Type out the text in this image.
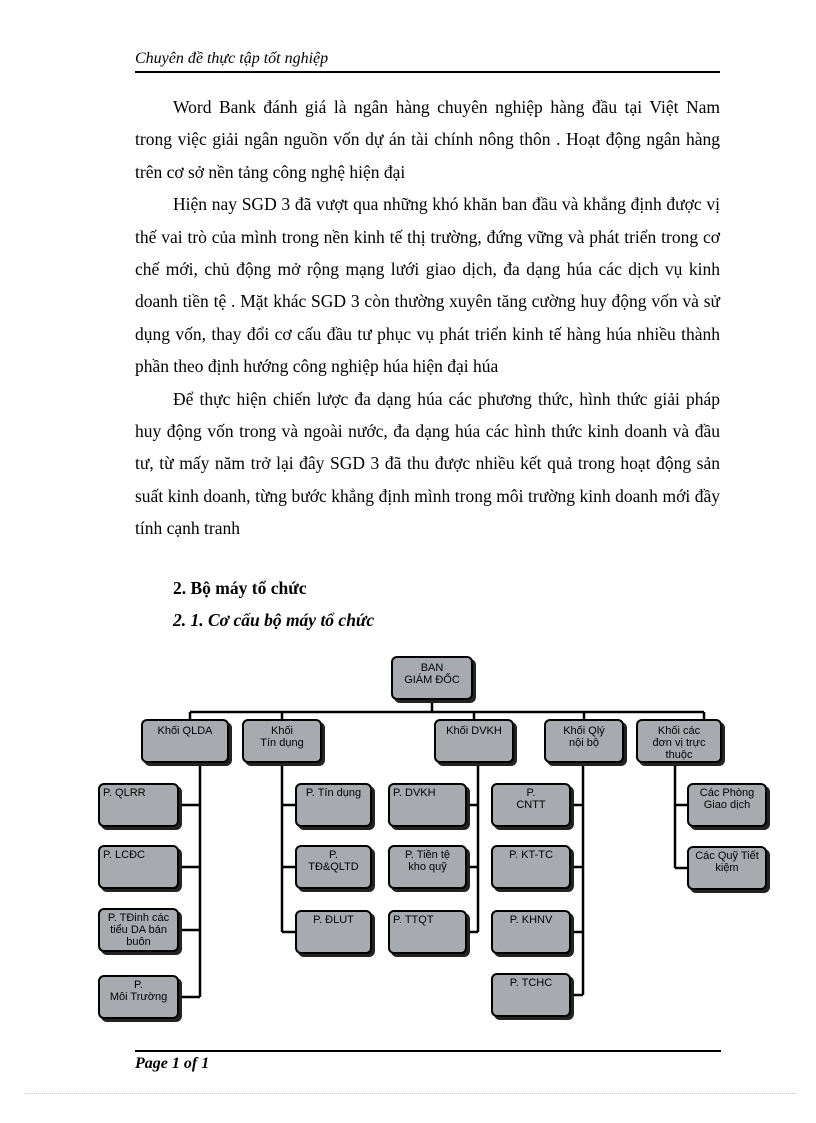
Chuyên đề thực tập tốt nghiệp

Word Bank đánh giá là ngân hàng chuyên nghiệp hàng đầu tại Việt Nam trong việc giải ngân nguồn vốn dự án tài chính nông thôn . Hoạt động ngân hàng trên cơ sở nền tảng công nghệ hiện đại

Hiện nay SGD 3 đã vượt qua những khó khăn ban đầu và khẳng định được vị thế vai trò của mình trong nền kinh tế thị trường, đứng vững và phát triển trong cơ chế mới, chủ động mở rộng mạng lưới giao dịch, đa dạng húa các dịch vụ kinh doanh tiền tệ . Mặt khác SGD 3 còn thường xuyên tăng cường huy động vốn và sử dụng vốn, thay đổi cơ cấu đầu tư phục vụ phát triển kinh tế hàng húa nhiều thành phần theo định hướng công nghiệp húa hiện đại húa

Để thực hiện chiến lược đa dạng húa các phương thức, hình thức giải pháp huy động vốn trong và ngoài nước, đa dạng húa các hình thức kinh doanh và đầu tư, từ mấy năm trở lại đây SGD 3 đã thu được nhiều kết quả trong hoạt động sản suất kinh doanh, từng bước khẳng định mình trong môi trường kinh doanh mới đầy tính cạnh tranh

2. Bộ máy tổ chức
2. 1. Cơ cấu bộ máy tổ chức
BAN
GIÁM ĐỐC
Khối QLDA	Khối
Tín dụng
Khối DVKH	Khối Qlý
nội bộ
Khối các
đơn vị trực
thuộc
P. QLRR
P. LCĐC
P. TĐinh các
tiểu DA bán
buôn
P.
Môi Trường
P. Tín dụng
P.
TĐ&QLTD
P. ĐLUT
P. DVKH
P. Tiền tệ
kho quỹ
P. TTQT
P.
CNTT
P. KT-TC
P. KHNV
P. TCHC
Các Phòng
Giao dịch
Các Quỹ Tiết
kiệm
Page 1 of 1
